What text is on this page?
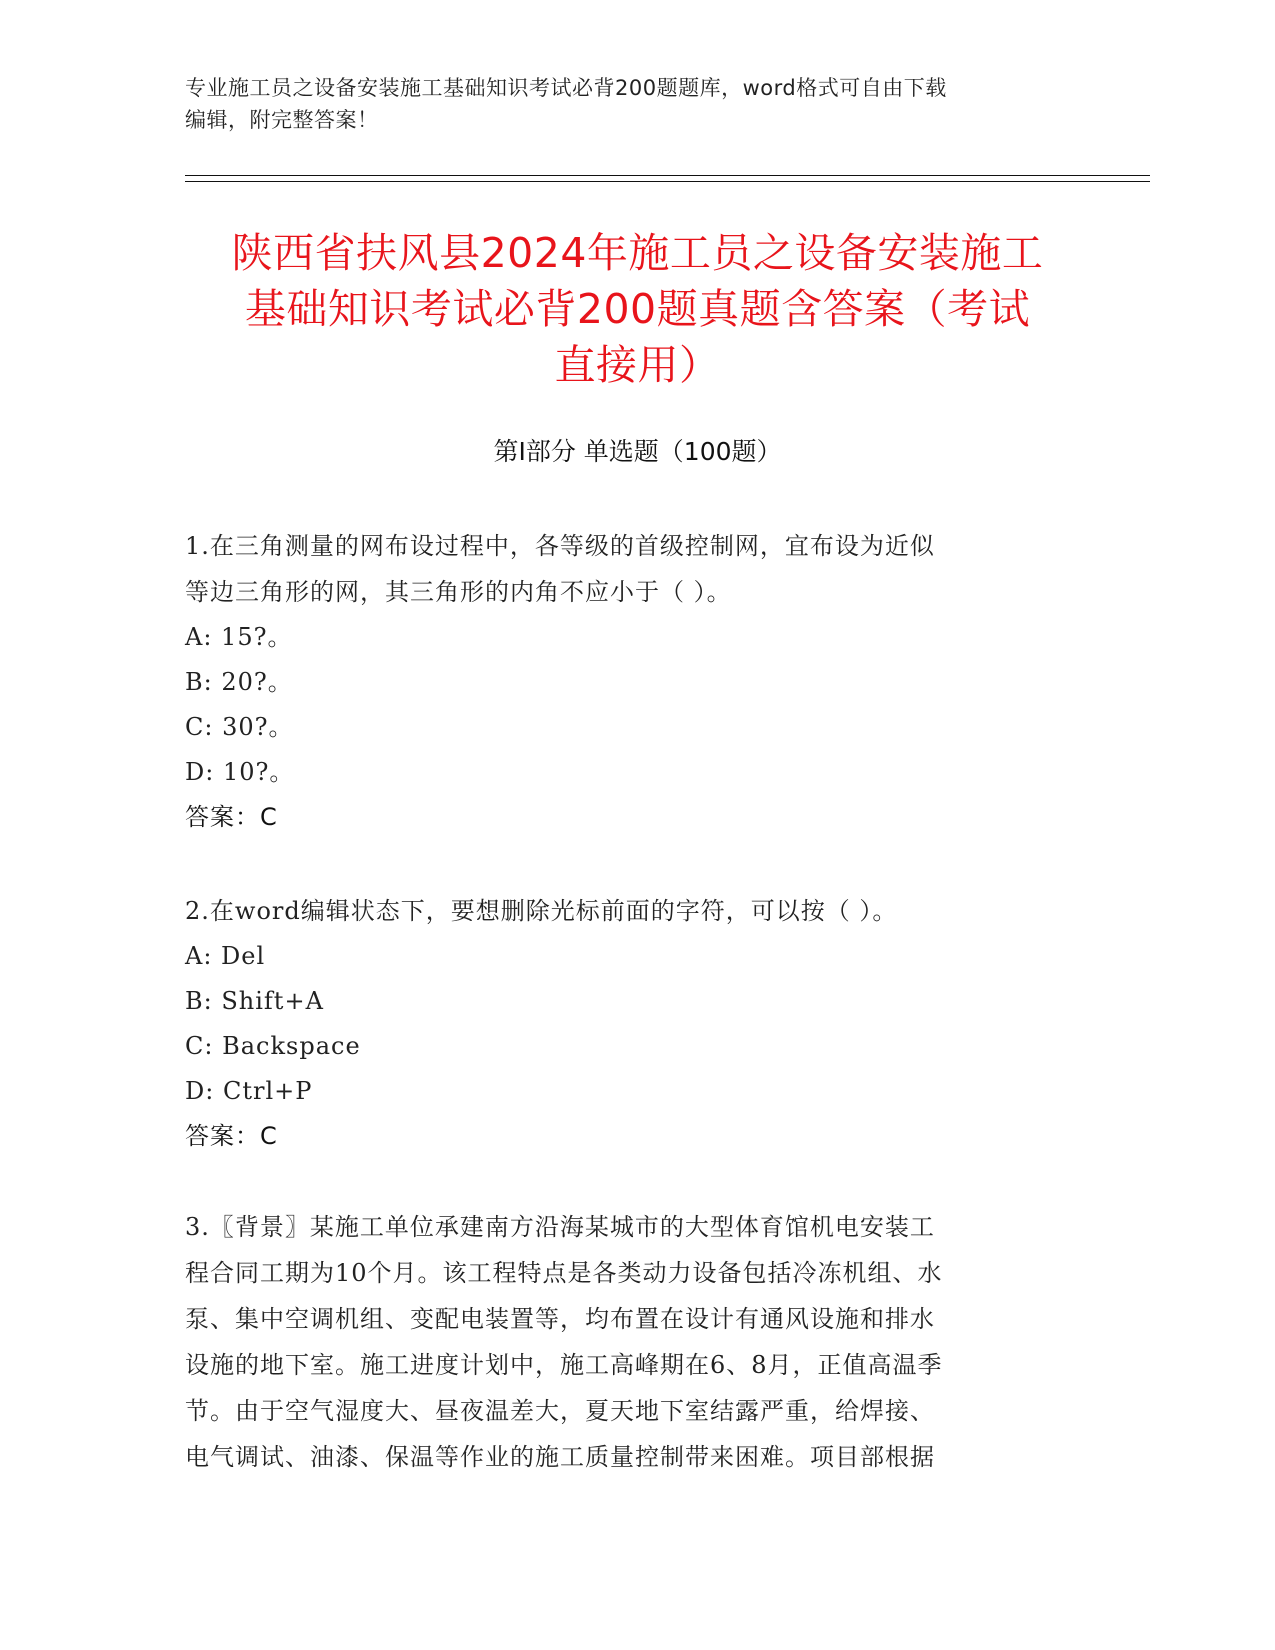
专业施工员之设备安装施工基础知识考试必背200题题库，word格式可自由下载
编辑，附完整答案！
陕西省扶风县2024年施工员之设备安装施工
基础知识考试必背200题真题含答案（考试
直接用）
第Ⅰ部分 单选题（100题）
1.在三角测量的网布设过程中，各等级的首级控制网，宜布设为近似
等边三角形的网，其三角形的内角不应小于（ ）。
A: 15?。
B: 20?。
C: 30?。
D: 10?。
答案：C
2.在word编辑状态下，要想删除光标前面的字符，可以按（ ）。
A: Del
B: Shift+A
C: Backspace
D: Ctrl+P
答案：C
3.〖背景〗某施工单位承建南方沿海某城市的大型体育馆机电安装工
程合同工期为10个月。该工程特点是各类动力设备包括冷冻机组、水
泵、集中空调机组、变配电装置等，均布置在设计有通风设施和排水
设施的地下室。施工进度计划中，施工高峰期在6、8月，正值高温季
节。由于空气湿度大、昼夜温差大，夏天地下室结露严重，给焊接、
电气调试、油漆、保温等作业的施工质量控制带来困难。项目部根据
